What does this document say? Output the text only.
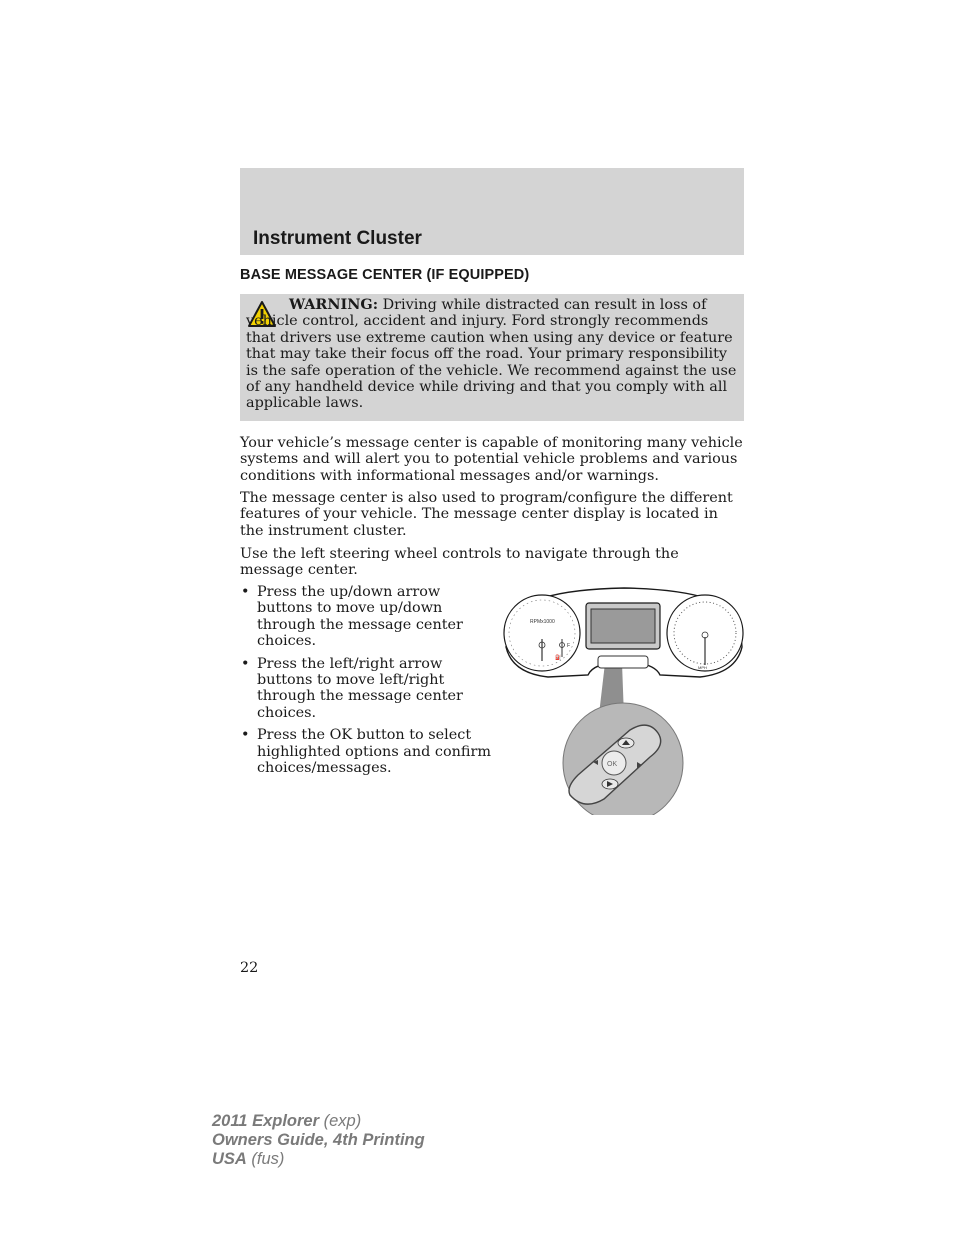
Instrument Cluster
BASE MESSAGE CENTER (IF EQUIPPED)
WARNING: Driving while distracted can result in loss of vehicle control, accident and injury. Ford strongly recommends that drivers use extreme caution when using any device or feature that may take their focus off the road. Your primary responsibility is the safe operation of the vehicle. We recommend against the use of any handheld device while driving and that you comply with all applicable laws.
Your vehicle’s message center is capable of monitoring many vehicle systems and will alert you to potential vehicle problems and various conditions with informational messages and/or warnings.
The message center is also used to program/configure the different features of your vehicle. The message center display is located in the instrument cluster.
Use the left steering wheel controls to navigate through the message center.
• Press the up/down arrow buttons to move up/down through the message center choices.
• Press the left/right arrow buttons to move left/right through the message center choices.
• Press the OK button to select highlighted options and confirm choices/messages.
RPMx1000
⛽
F
MPH
OK
22
2011 Explorer (exp)
Owners Guide, 4th Printing
USA (fus)
